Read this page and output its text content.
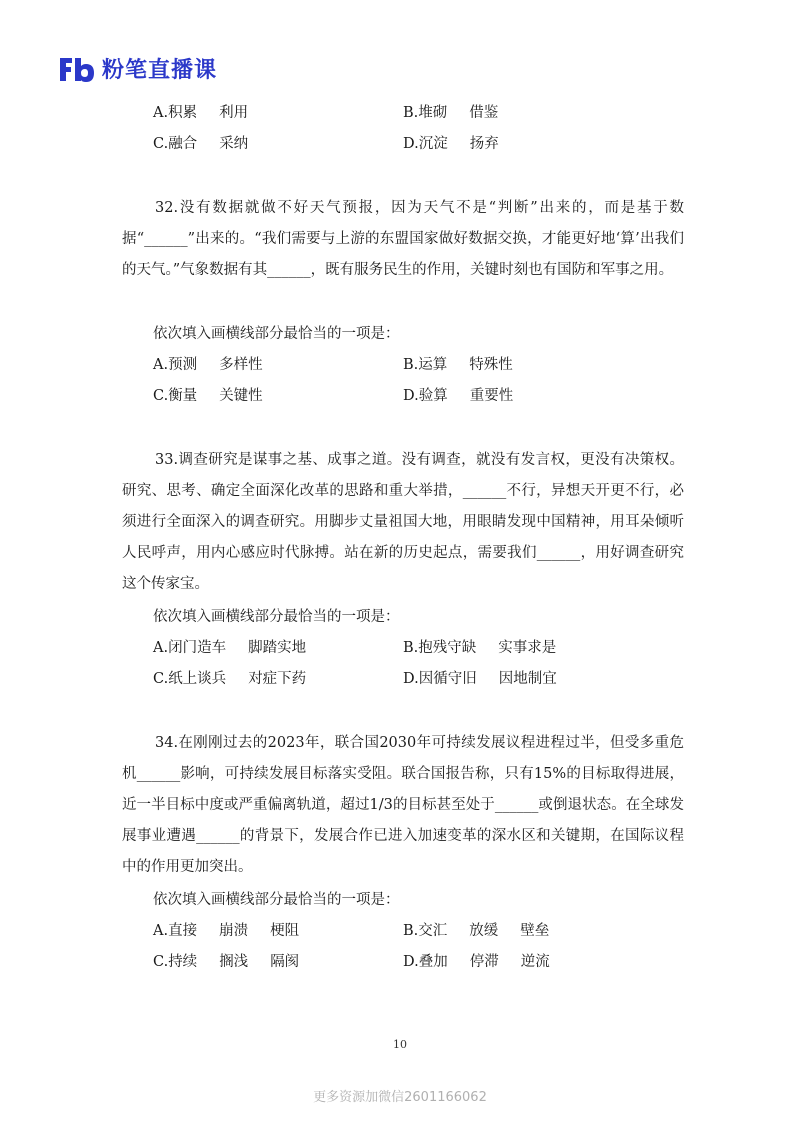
粉笔直播课
A.积累 利用	B.堆砌 借鉴
C.融合 采纳	D.沉淀 扬弃

32.没有数据就做不好天气预报，因为天气不是“判断”出来的，而是基于数据“______”出来的。“我们需要与上游的东盟国家做好数据交换，才能更好地‘算’出我们的天气。”气象数据有其______，既有服务民生的作用，关键时刻也有国防和军事之用。

依次填入画横线部分最恰当的一项是：
A.预测 多样性	B.运算 特殊性
C.衡量 关键性	D.验算 重要性

33.调查研究是谋事之基、成事之道。没有调查，就没有发言权，更没有决策权。研究、思考、确定全面深化改革的思路和重大举措，______不行，异想天开更不行，必须进行全面深入的调查研究。用脚步丈量祖国大地，用眼睛发现中国精神，用耳朵倾听人民呼声，用内心感应时代脉搏。站在新的历史起点，需要我们______，用好调查研究这个传家宝。

依次填入画横线部分最恰当的一项是：
A.闭门造车 脚踏实地	B.抱残守缺 实事求是
C.纸上谈兵 对症下药	D.因循守旧 因地制宜

34.在刚刚过去的2023年，联合国2030年可持续发展议程进程过半，但受多重危机______影响，可持续发展目标落实受阻。联合国报告称，只有15%的目标取得进展，近一半目标中度或严重偏离轨道，超过1/3的目标甚至处于______或倒退状态。在全球发展事业遭遇______的背景下，发展合作已进入加速变革的深水区和关键期，在国际议程中的作用更加突出。

依次填入画横线部分最恰当的一项是：
A.直接 崩溃 梗阻	B.交汇 放缓 壁垒
C.持续 搁浅 隔阂	D.叠加 停滞 逆流
10
更多资源加微信2601166062
